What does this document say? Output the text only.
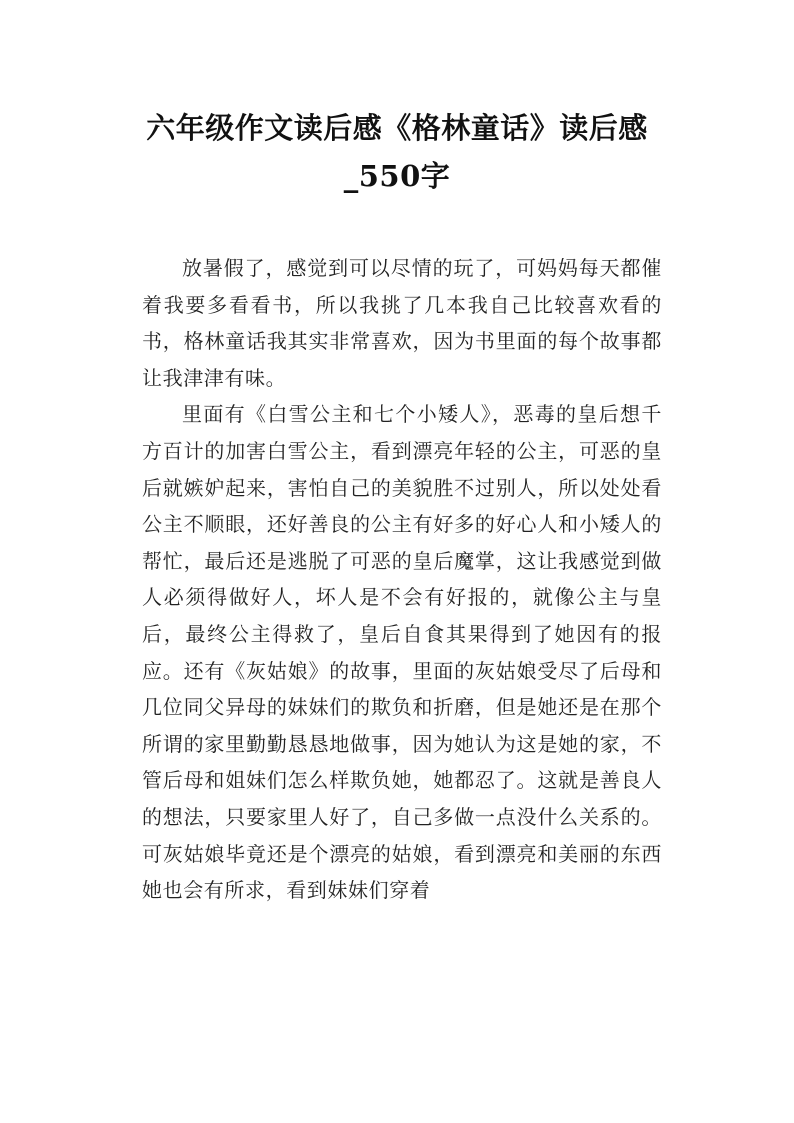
六年级作文读后感《格林童话》读后感
_550字

放暑假了，感觉到可以尽情的玩了，可妈妈每天都催着我要多看看书，所以我挑了几本我自己比较喜欢看的书，格林童话我其实非常喜欢，因为书里面的每个故事都让我津津有味。

里面有《白雪公主和七个小矮人》，恶毒的皇后想千方百计的加害白雪公主，看到漂亮年轻的公主，可恶的皇后就嫉妒起来，害怕自己的美貌胜不过别人，所以处处看公主不顺眼，还好善良的公主有好多的好心人和小矮人的帮忙，最后还是逃脱了可恶的皇后魔掌，这让我感觉到做人必须得做好人，坏人是不会有好报的，就像公主与皇后，最终公主得救了，皇后自食其果得到了她因有的报应。还有《灰姑娘》的故事，里面的灰姑娘受尽了后母和几位同父异母的妹妹们的欺负和折磨，但是她还是在那个所谓的家里勤勤恳恳地做事，因为她认为这是她的家，不管后母和姐妹们怎么样欺负她，她都忍了。这就是善良人的想法，只要家里人好了，自己多做一点没什么关系的。可灰姑娘毕竟还是个漂亮的姑娘，看到漂亮和美丽的东西她也会有所求，看到妹妹们穿着
